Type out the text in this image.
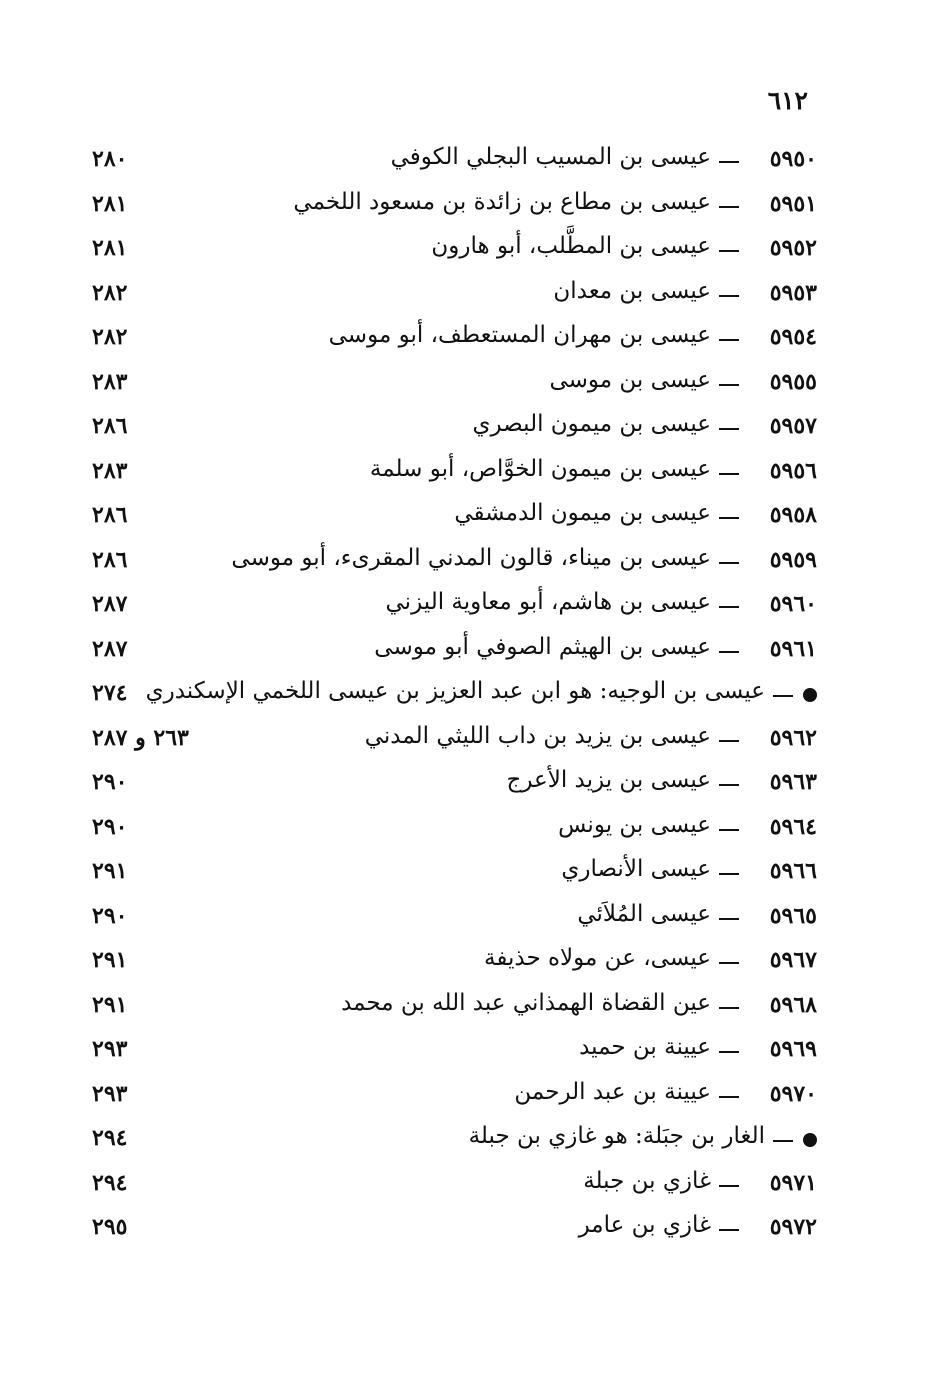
٦١٢
٥٩٥٠
عيسى بن المسيب البجلي الكوفي
٢٨٠
٥٩٥١
عيسى بن مطاع بن زائدة بن مسعود اللخمي
٢٨١
٥٩٥٢
عيسى بن المطَّلب، أبو هارون
٢٨١
٥٩٥٣
عيسى بن معدان
٢٨٢
٥٩٥٤
عيسى بن مهران المستعطف، أبو موسى
٢٨٢
٥٩٥٥
عيسى بن موسى
٢٨٣
٥٩٥٧
عيسى بن ميمون البصري
٢٨٦
٥٩٥٦
عيسى بن ميمون الخوَّاص، أبو سلمة
٢٨٣
٥٩٥٨
عيسى بن ميمون الدمشقي
٢٨٦
٥٩٥٩
عيسى بن ميناء، قالون المدني المقرىء، أبو موسى
٢٨٦
٥٩٦٠
عيسى بن هاشم، أبو معاوية اليزني
٢٨٧
٥٩٦١
عيسى بن الهيثم الصوفي أبو موسى
٢٨٧
عيسى بن الوجيه: هو ابن عبد العزيز بن عيسى اللخمي الإسكندري
٢٧٤
٥٩٦٢
عيسى بن يزيد بن داب الليثي المدني
٢٦٣ و ٢٨٧
٥٩٦٣
عيسى بن يزيد الأعرج
٢٩٠
٥٩٦٤
عيسى بن يونس
٢٩٠
٥٩٦٦
عيسى الأنصاري
٢٩١
٥٩٦٥
عيسى المُلاَئي
٢٩٠
٥٩٦٧
عيسى، عن مولاه حذيفة
٢٩١
٥٩٦٨
عين القضاة الهمذاني عبد الله بن محمد
٢٩١
٥٩٦٩
عيينة بن حميد
٢٩٣
٥٩٧٠
عيينة بن عبد الرحمن
٢٩٣
الغار بن جبَلة: هو غازي بن جبلة
٢٩٤
٥٩٧١
غازي بن جبلة
٢٩٤
٥٩٧٢
غازي بن عامر
٢٩٥
